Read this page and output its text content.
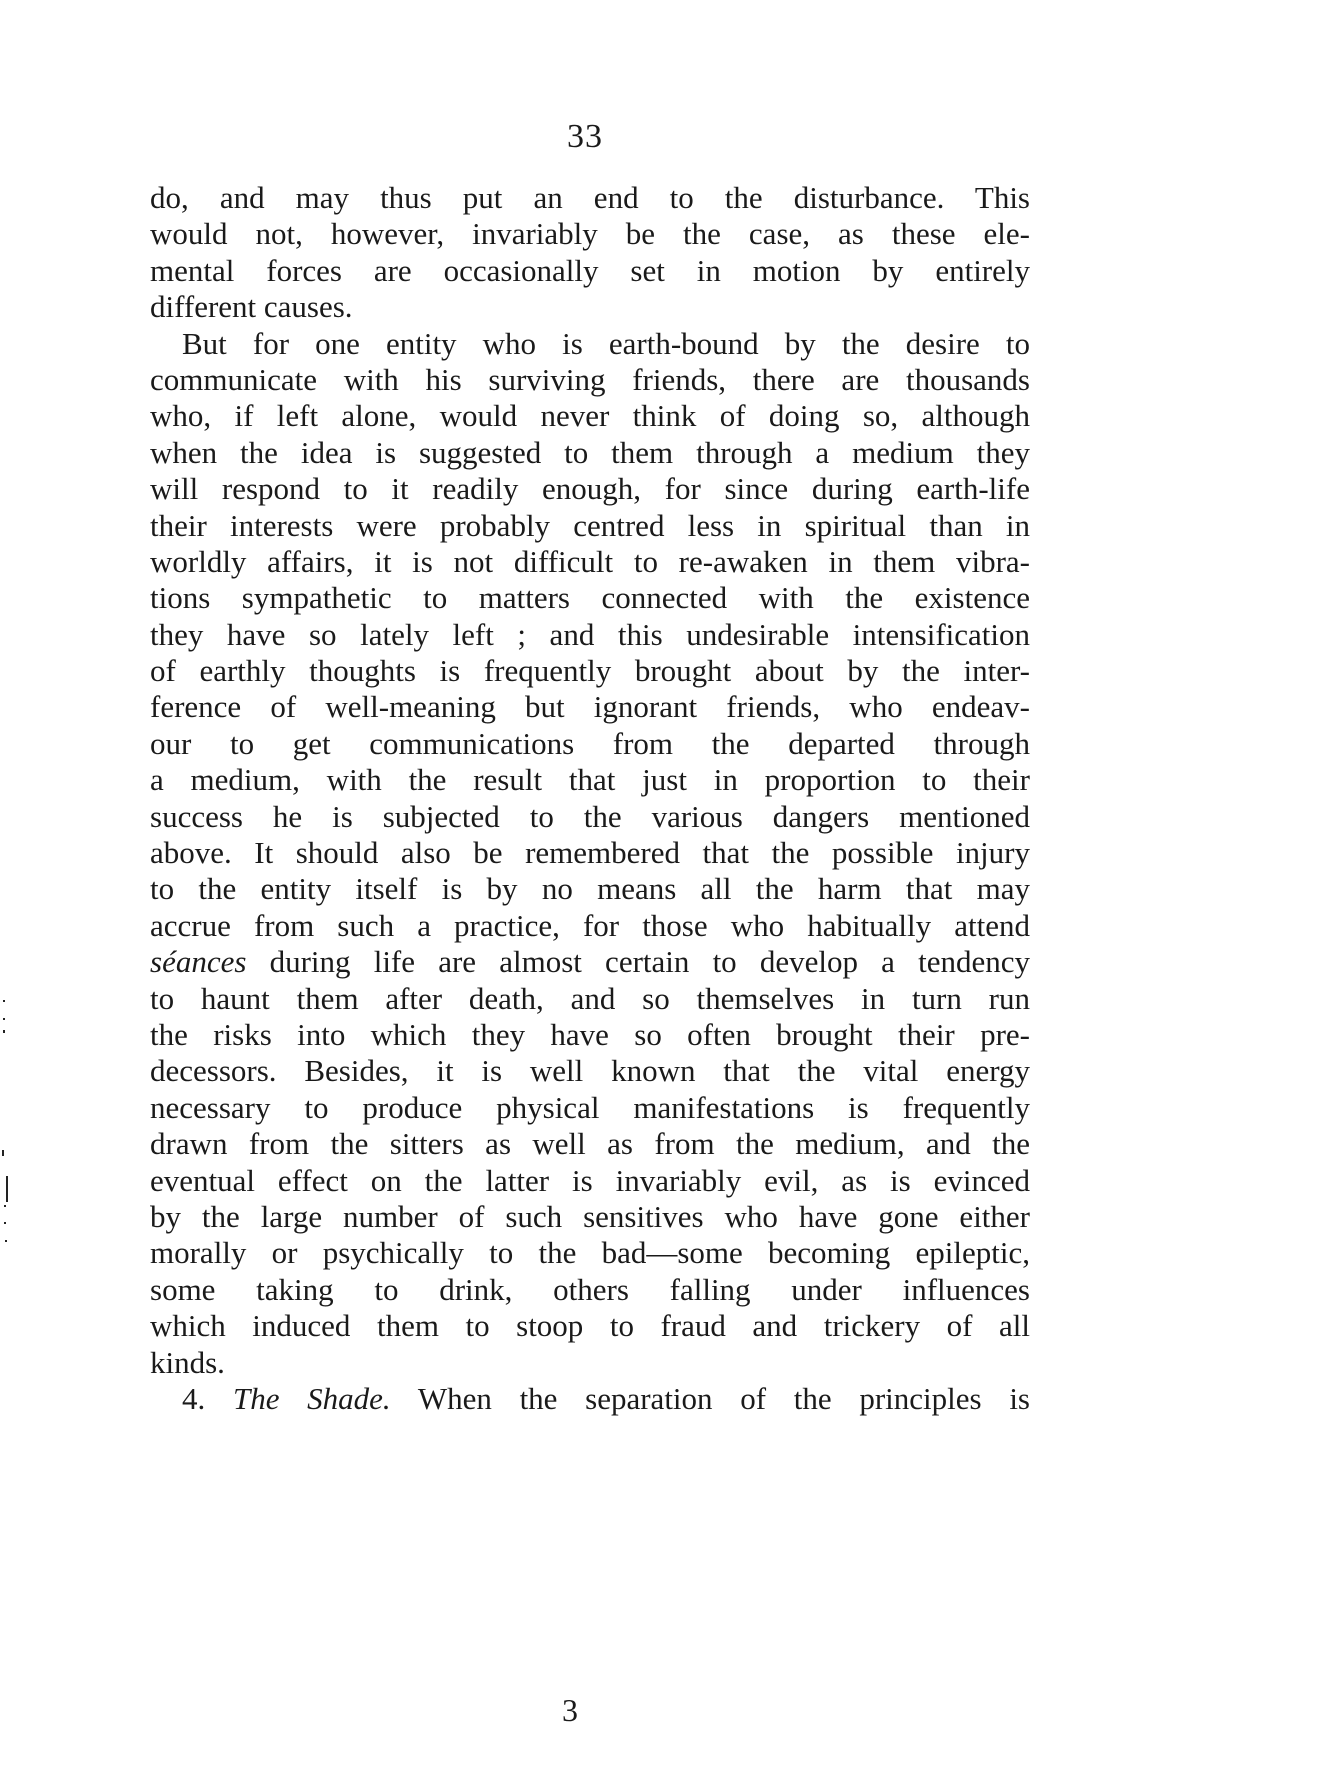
33
do, and may thus put an end to the disturbance. This
would not, however, invariably be the case, as these ele-
mental forces are occasionally set in motion by entirely
different causes.
But for one entity who is earth-bound by the desire to
communicate with his surviving friends, there are thousands
who, if left alone, would never think of doing so, although
when the idea is suggested to them through a medium they
will respond to it readily enough, for since during earth-life
their interests were probably centred less in spiritual than in
worldly affairs, it is not difficult to re-awaken in them vibra-
tions sympathetic to matters connected with the existence
they have so lately left ; and this undesirable intensification
of earthly thoughts is frequently brought about by the inter-
ference of well-meaning but ignorant friends, who endeav-
our to get communications from the departed through
a medium, with the result that just in proportion to their
success he is subjected to the various dangers mentioned
above. It should also be remembered that the possible injury
to the entity itself is by no means all the harm that may
accrue from such a practice, for those who habitually attend
séances during life are almost certain to develop a tendency
to haunt them after death, and so themselves in turn run
the risks into which they have so often brought their pre-
decessors. Besides, it is well known that the vital energy
necessary to produce physical manifestations is frequently
drawn from the sitters as well as from the medium, and the
eventual effect on the latter is invariably evil, as is evinced
by the large number of such sensitives who have gone either
morally or psychically to the bad—some becoming epileptic,
some taking to drink, others falling under influences
which induced them to stoop to fraud and trickery of all
kinds.
4. The Shade. When the separation of the principles is
3
